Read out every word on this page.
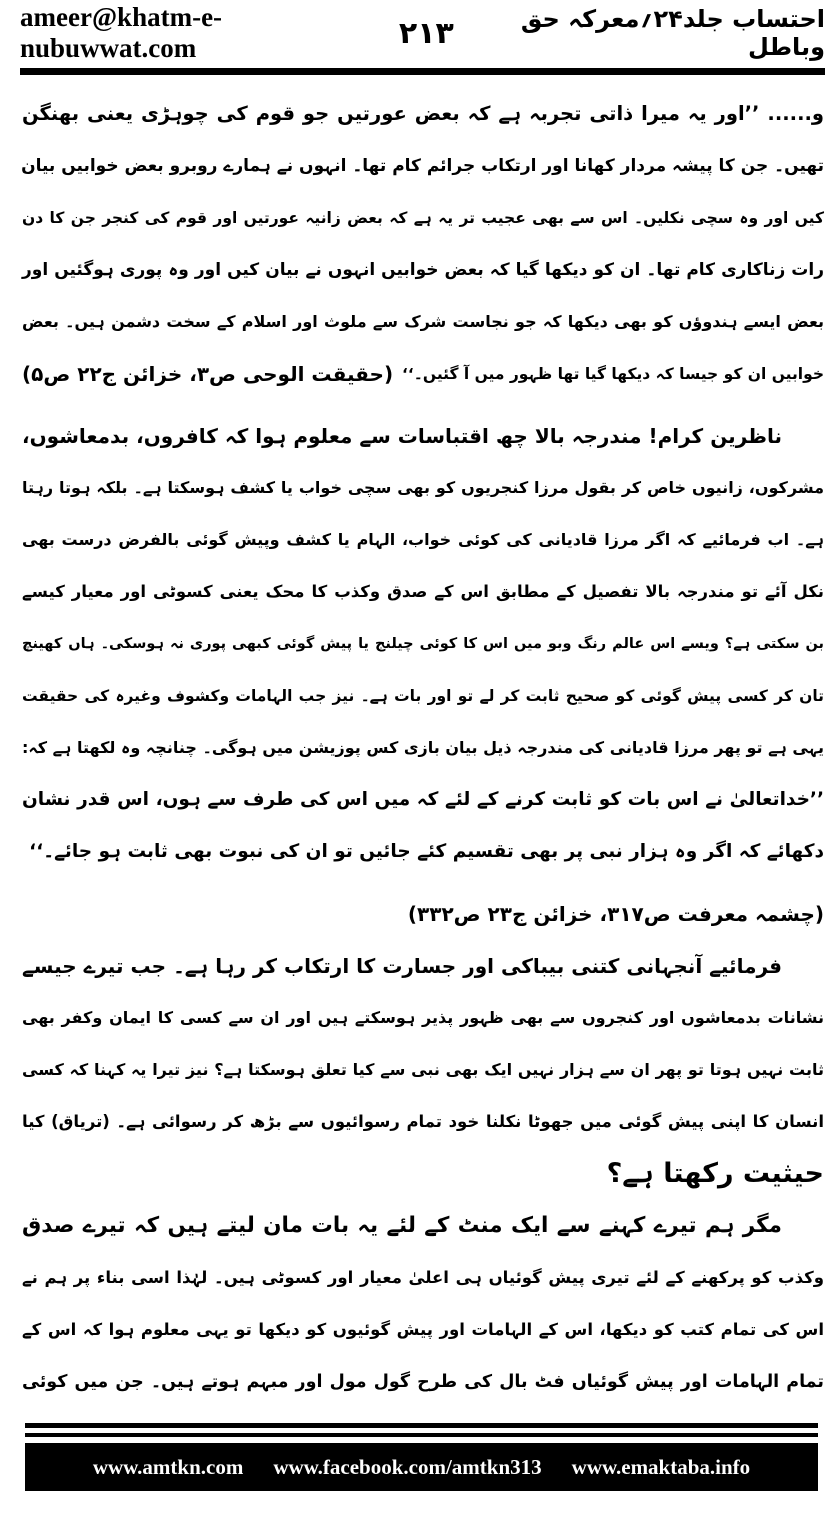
ameer@khatm-e-nubuwwat.com	۲۱۳	احتساب جلد۲۴؍معرکہ حق وباطل
و...... ’’اور یہ میرا ذاتی تجربہ ہے کہ بعض عورتیں جو قوم کی چوہڑی یعنی بھنگن
تھیں۔ جن کا پیشہ مردار کھانا اور ارتکاب جرائم کام تھا۔ انہوں نے ہمارے روبرو بعض خوابیں بیان
کیں اور وہ سچی نکلیں۔ اس سے بھی عجیب تر یہ ہے کہ بعض زانیہ عورتیں اور قوم کی کنجر جن کا دن
رات زناکاری کام تھا۔ ان کو دیکھا گیا کہ بعض خوابیں انہوں نے بیان کیں اور وہ پوری ہوگئیں اور
بعض ایسے ہندوؤں کو بھی دیکھا کہ جو نجاست شرک سے ملوث اور اسلام کے سخت دشمن ہیں۔ بعض
خوابیں ان کو جیسا کہ دیکھا گیا تھا ظہور میں آ گئیں۔‘‘
(حقیقت الوحی ص۳، خزائن ج۲۲ ص۵)
ناظرین کرام! مندرجہ بالا چھ اقتباسات سے معلوم ہوا کہ کافروں، بدمعاشوں،
مشرکوں، زانیوں خاص کر بقول مرزا کنجریوں کو بھی سچی خواب یا کشف ہوسکتا ہے۔ بلکہ ہوتا رہتا
ہے۔ اب فرمائیے کہ اگر مرزا قادیانی کی کوئی خواب، الہام یا کشف وپیش گوئی بالفرض درست بھی
نکل آئے تو مندرجہ بالا تفصیل کے مطابق اس کے صدق وکذب کا محک یعنی کسوٹی اور معیار کیسے
بن سکتی ہے؟ ویسے اس عالم رنگ وبو میں اس کا کوئی چیلنج یا پیش گوئی کبھی پوری نہ ہوسکی۔ ہاں کھینچ
تان کر کسی پیش گوئی کو صحیح ثابت کر لے تو اور بات ہے۔ نیز جب الہامات وکشوف وغیرہ کی حقیقت
یہی ہے تو پھر مرزا قادیانی کی مندرجہ ذیل بیان بازی کس پوزیشن میں ہوگی۔ چنانچہ وہ لکھتا ہے کہ:
’’خداتعالیٰ نے اس بات کو ثابت کرنے کے لئے کہ میں اس کی طرف سے ہوں، اس قدر نشان
دکھائے کہ اگر وہ ہزار نبی پر بھی تقسیم کئے جائیں تو ان کی نبوت بھی ثابت ہو جائے۔‘‘
(چشمہ معرفت ص۳۱۷، خزائن ج۲۳ ص۳۳۲)
فرمائیے آنجہانی کتنی بیباکی اور جسارت کا ارتکاب کر رہا ہے۔ جب تیرے جیسے
نشانات بدمعاشوں اور کنجروں سے بھی ظہور پذیر ہوسکتے ہیں اور ان سے کسی کا ایمان وکفر بھی
ثابت نہیں ہوتا تو پھر ان سے ہزار نہیں ایک بھی نبی سے کیا تعلق ہوسکتا ہے؟ نیز تیرا یہ کہنا کہ کسی
انسان کا اپنی پیش گوئی میں جھوٹا نکلنا خود تمام رسوائیوں سے بڑھ کر رسوائی ہے۔ (تریاق) کیا
حیثیت رکھتا ہے؟
مگر ہم تیرے کہنے سے ایک منٹ کے لئے یہ بات مان لیتے ہیں کہ تیرے صدق
وکذب کو پرکھنے کے لئے تیری پیش گوئیاں ہی اعلیٰ معیار اور کسوٹی ہیں۔ لہٰذا اسی بناء پر ہم نے
اس کی تمام کتب کو دیکھا، اس کے الہامات اور پیش گوئیوں کو دیکھا تو یہی معلوم ہوا کہ اس کے
تمام الہامات اور پیش گوئیاں فٹ بال کی طرح گول مول اور مبہم ہوتے ہیں۔ جن میں کوئی
www.amtkn.com www.facebook.com/amtkn313 www.emaktaba.info
